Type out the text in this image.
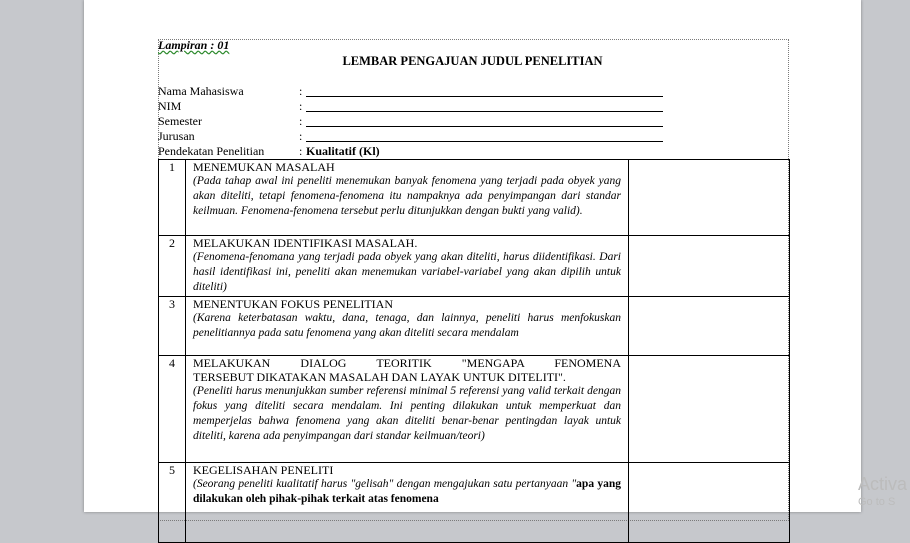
Lampiran : 01
LEMBAR PENGAJUAN JUDUL PENELITIAN
Nama Mahasiswa	:
NIM	:
Semester	:
Jurusan	:
Pendekatan Penelitian	: Kualitatif (Kl)
1	MENEMUKAN MASALAH

(Pada tahap awal ini peneliti menemukan banyak fenomena yang terjadi pada obyek yang akan diteliti, tetapi fenomena-fenomena itu nampaknya ada penyimpangan dari standar keilmuan. Fenomena-fenomena tersebut perlu ditunjukkan dengan bukti yang valid).	

2	MELAKUKAN IDENTIFIKASI MASALAH.

(Fenomena-fenomana yang terjadi pada obyek yang akan diteliti, harus diidentifikasi. Dari hasil identifikasi ini, peneliti akan menemukan variabel-variabel yang akan dipilih untuk diteliti)	

3	MENENTUKAN FOKUS PENELITIAN

(Karena keterbatasan waktu, dana, tenaga, dan lainnya, peneliti harus menfokuskan penelitiannya pada satu fenomena yang akan diteliti secara mendalam	

4	MELAKUKAN DIALOG TEORITIK "MENGAPA FENOMENA

TERSEBUT DIKATAKAN MASALAH DAN LAYAK UNTUK DITELITI".

(Peneliti harus menunjukkan sumber referensi minimal 5 referensi yang valid terkait dengan fokus yang diteliti secara mendalam. Ini penting dilakukan untuk memperkuat dan memperjelas bahwa fenomena yang akan diteliti benar-benar pentingdan layak untuk diteliti, karena ada penyimpangan dari standar keilmuan/teori)	

5	KEGELISAHAN PENELITI

(Seorang peneliti kualitatif harus "gelisah" dengan mengajukan satu pertanyaan "apa yang dilakukan oleh pihak-pihak terkait atas fenomena	

Activa
Go to S
